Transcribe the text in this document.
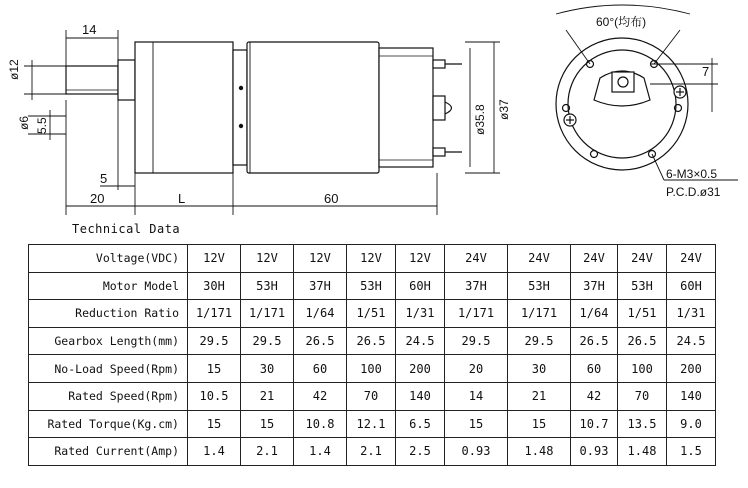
14
ø12
ø6 5.5
5
20	L	60
ø35.8 ø37
60°(均布)
7
6-M3×0.5
P.C.D.ø31
Technical Data
Voltage(VDC)	12V	12V	12V	12V	12V	24V	24V	24V	24V	24V
Motor Model	30H	53H	37H	53H	60H	37H	53H	37H	53H	60H
Reduction Ratio	1/171	1/171	1/64	1/51	1/31	1/171	1/171	1/64	1/51	1/31
Gearbox Length(mm)	29.5	29.5	26.5	26.5	24.5	29.5	29.5	26.5	26.5	24.5
No-Load Speed(Rpm)	15	30	60	100	200	20	30	60	100	200
Rated Speed(Rpm)	10.5	21	42	70	140	14	21	42	70	140
Rated Torque(Kg.cm)	15	15	10.8	12.1	6.5	15	15	10.7	13.5	9.0
Rated Current(Amp)	1.4	2.1	1.4	2.1	2.5	0.93	1.48	0.93	1.48	1.5
